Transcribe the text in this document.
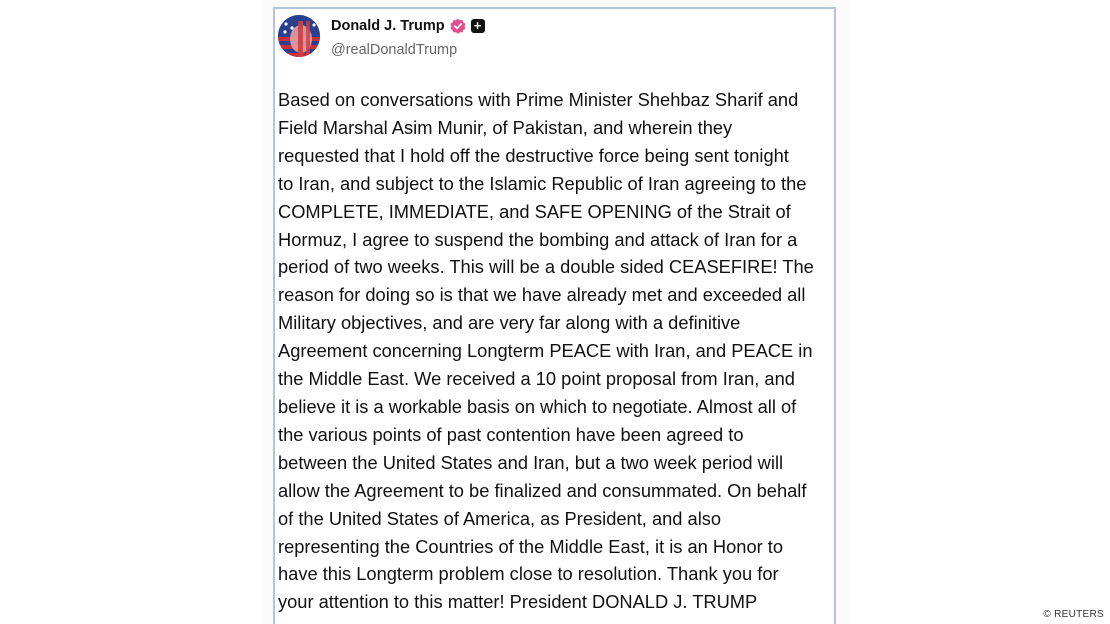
Donald J. Trump +
@realDonaldTrump

Based on conversations with Prime Minister Shehbaz Sharif and
Field Marshal Asim Munir, of Pakistan, and wherein they
requested that I hold off the destructive force being sent tonight
to Iran, and subject to the Islamic Republic of Iran agreeing to the
COMPLETE, IMMEDIATE, and SAFE OPENING of the Strait of
Hormuz, I agree to suspend the bombing and attack of Iran for a
period of two weeks. This will be a double sided CEASEFIRE! The
reason for doing so is that we have already met and exceeded all
Military objectives, and are very far along with a definitive
Agreement concerning Longterm PEACE with Iran, and PEACE in
the Middle East. We received a 10 point proposal from Iran, and
believe it is a workable basis on which to negotiate. Almost all of
the various points of past contention have been agreed to
between the United States and Iran, but a two week period will
allow the Agreement to be finalized and consummated. On behalf
of the United States of America, as President, and also
representing the Countries of the Middle East, it is an Honor to
have this Longterm problem close to resolution. Thank you for
your attention to this matter! President DONALD J. TRUMP

© REUTERS
